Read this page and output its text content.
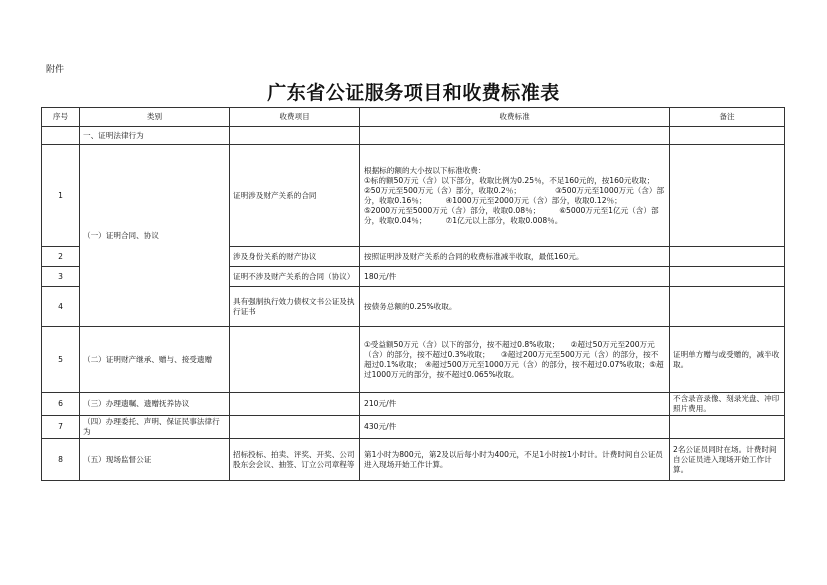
附件
广东省公证服务项目和收费标准表
序号	类别	收费项目	收费标准	备注
	一、证明法律行为			
1	（一）证明合同、协议	证明涉及财产关系的合同	根据标的额的大小按以下标准收费：
①标的额50万元（含）以下部分，收取比例为0.25％，不足160元的，按160元收取；　　　　　　　　　　　②50万元至500万元（含）部分，收取0.2％；　　　　　③500万元至1000万元（含）部分，收取0.16％；　　　④1000万元至2000万元（含）部分，收取0.12％；　　　⑤2000万元至5000万元（含）部分，收取0.08％；　　　⑥5000万元至1亿元（含）部分，收取0.04％；　　　⑦1亿元以上部分，收取0.008％。	
2		涉及身份关系的财产协议	按照证明涉及财产关系的合同的收费标准减半收取，最低160元。	
3		证明不涉及财产关系的合同（协议）	180元/件	
4		具有强制执行效力债权文书公证及执行证书	按债务总额的0.25%收取。	
5	（二）证明财产继承、赠与、接受遗赠		①受益额50万元（含）以下的部分，按不超过0.8%收取；　　②超过50万元至200万元（含）的部分，按不超过0.3%收取；　　③超过200万元至500万元（含）的部分，按不超过0.1%收取；　④超过500万元至1000万元（含）的部分，按不超过0.07%收取；⑤超过1000万元的部分，按不超过0.065%收取。	证明单方赠与或受赠的，减半收取。
6	（三）办理遗嘱、遗赠抚养协议		210元/件	不含录音录像、刻录光盘、冲印照片费用。
7	（四）办理委托、声明、保证民事法律行为		430元/件	
8	（五）现场监督公证	招标投标、拍卖、评奖、开奖、公司股东会会议、抽签、订立公司章程等	第1小时为800元，第2及以后每小时为400元，不足1小时按1小时计。计费时间自公证员进入现场开始工作计算。	2名公证员同时在场。计费时间自公证员进入现场开始工作计算。
